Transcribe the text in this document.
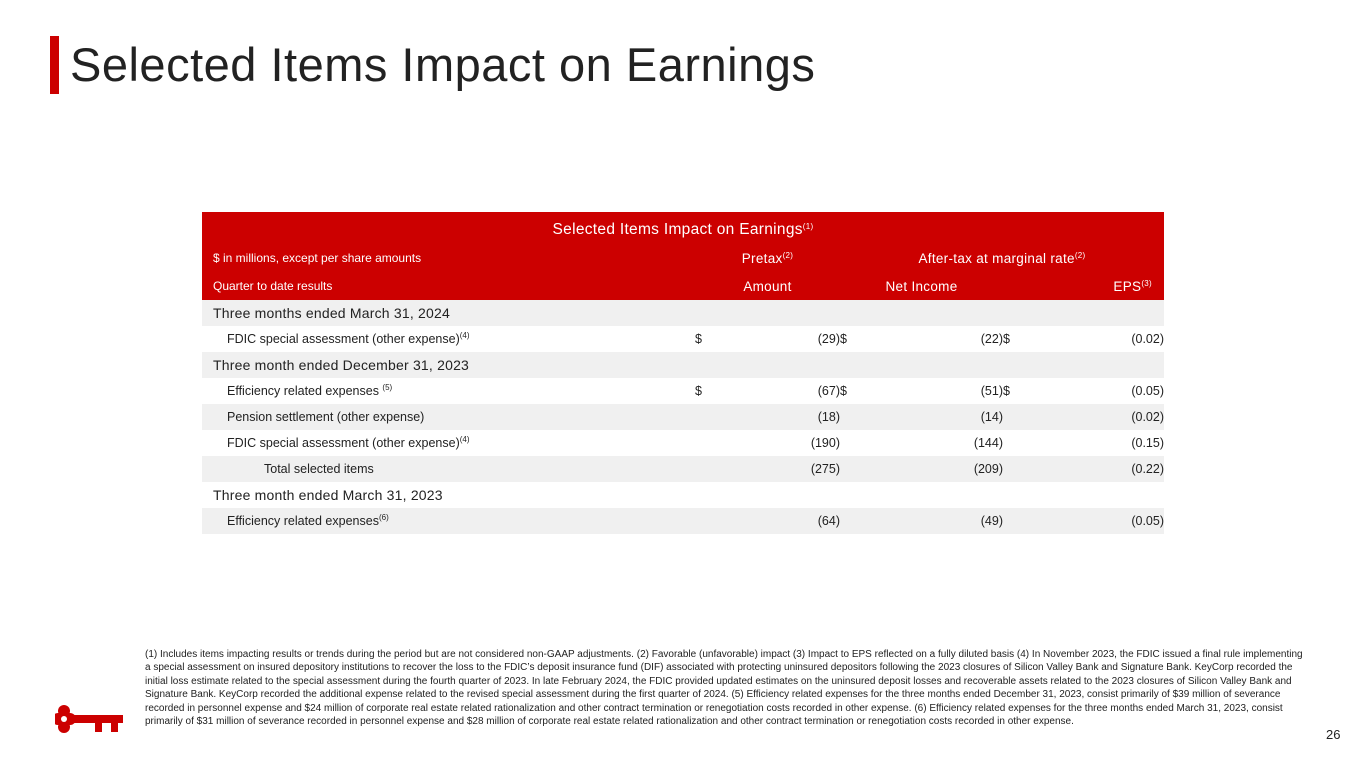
Selected Items Impact on Earnings
Selected Items Impact on Earnings$^{(1)}$
$ in millions, except per share amounts	Pretax$^{(2)}$		After-tax at marginal rate$^{(2)}$
Quarter to date results	Amount		Net Income		EPS$^{(3)}$
Three months ended March 31, 2024						
FDIC special assessment (other expense)$^{(4)}$	$	(29)	$	(22)	$	(0.02)
Three month ended December 31, 2023						
Efficiency related expenses $^{(5)}$	$	(67)	$	(51)	$	(0.05)
Pension settlement (other expense)		(18)		(14)		(0.02)
FDIC special assessment (other expense)$^{(4)}$		(190)		(144)		(0.15)
Total selected items		(275)		(209)		(0.22)
Three month ended March 31, 2023						
Efficiency related expenses$^{(6)}$		(64)		(49)		(0.05)
(1) Includes items impacting results or trends during the period but are not considered non-GAAP adjustments. (2) Favorable (unfavorable) impact (3) Impact to EPS reflected on a fully diluted basis (4) In November 2023, the FDIC issued a final rule implementing a special assessment on insured depository institutions to recover the loss to the FDIC’s deposit insurance fund (DIF) associated with protecting uninsured depositors following the 2023 closures of Silicon Valley Bank and Signature Bank. KeyCorp recorded the initial loss estimate related to the special assessment during the fourth quarter of 2023. In late February 2024, the FDIC provided updated estimates on the uninsured deposit losses and recoverable assets related to the 2023 closures of Silicon Valley Bank and Signature Bank. KeyCorp recorded the additional expense related to the revised special assessment during the first quarter of 2024. (5) Efficiency related expenses for the three months ended December 31, 2023, consist primarily of $39 million of severance recorded in personnel expense and $24 million of corporate real estate related rationalization and other contract termination or renegotiation costs recorded in other expense. (6) Efficiency related expenses for the three months ended March 31, 2023, consist primarily of $31 million of severance recorded in personnel expense and $28 million of corporate real estate related rationalization and other contract termination or renegotiation costs recorded in other expense.
26
